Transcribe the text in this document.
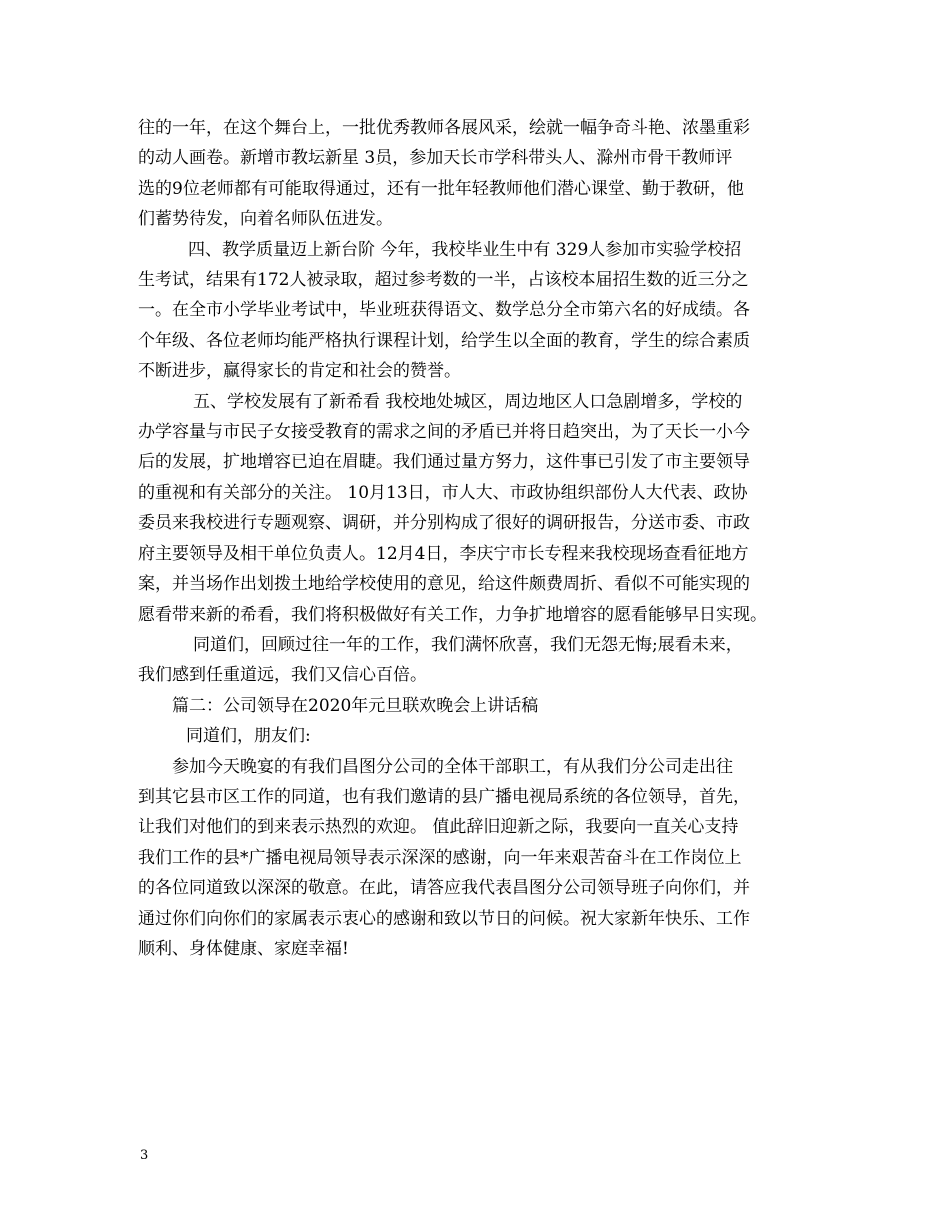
往的一年，在这个舞台上，一批优秀教师各展风采，绘就一幅争奇斗艳、浓墨重彩
的动人画卷。新增市教坛新星 3员，参加天长市学科带头人、滁州市骨干教师评
选的9位老师都有可能取得通过，还有一批年轻教师他们潜心课堂、勤于教研，他
们蓄势待发，向着名师队伍进发。

四、教学质量迈上新台阶 今年，我校毕业生中有 329人参加市实验学校招
生考试，结果有172人被录取，超过参考数的一半，占该校本届招生数的近三分之
一。在全市小学毕业考试中，毕业班获得语文、数学总分全市第六名的好成绩。各
个年级、各位老师均能严格执行课程计划，给学生以全面的教育，学生的综合素质
不断进步，赢得家长的肯定和社会的赞誉。

五、学校发展有了新希看 我校地处城区，周边地区人口急剧增多，学校的
办学容量与市民子女接受教育的需求之间的矛盾已并将日趋突出，为了天长一小今
后的发展，扩地增容已迫在眉睫。我们通过量方努力，这件事已引发了市主要领导
的重视和有关部分的关注。 10月13日，市人大、市政协组织部份人大代表、政协
委员来我校进行专题观察、调研，并分别构成了很好的调研报告，分送市委、市政
府主要领导及相干单位负责人。12月4日，李庆宁市长专程来我校现场查看征地方
案，并当场作出划拨土地给学校使用的意见，给这件颇费周折、看似不可能实现的
愿看带来新的希看，我们将积极做好有关工作，力争扩地增容的愿看能够早日实现。

同道们，回顾过往一年的工作，我们满怀欣喜，我们无怨无悔;展看未来，
我们感到任重道远，我们又信心百倍。

篇二：公司领导在2020年元旦联欢晚会上讲话稿

同道们，朋友们:

参加今天晚宴的有我们昌图分公司的全体干部职工，有从我们分公司走出往
到其它县市区工作的同道，也有我们邀请的县广播电视局系统的各位领导，首先，
让我们对他们的到来表示热烈的欢迎。 值此辞旧迎新之际，我要向一直关心支持
我们工作的县*广播电视局领导表示深深的感谢，向一年来艰苦奋斗在工作岗位上
的各位同道致以深深的敬意。在此，请答应我代表昌图分公司领导班子向你们，并
通过你们向你们的家属表示衷心的感谢和致以节日的问候。祝大家新年快乐、工作
顺利、身体健康、家庭幸福!

3
